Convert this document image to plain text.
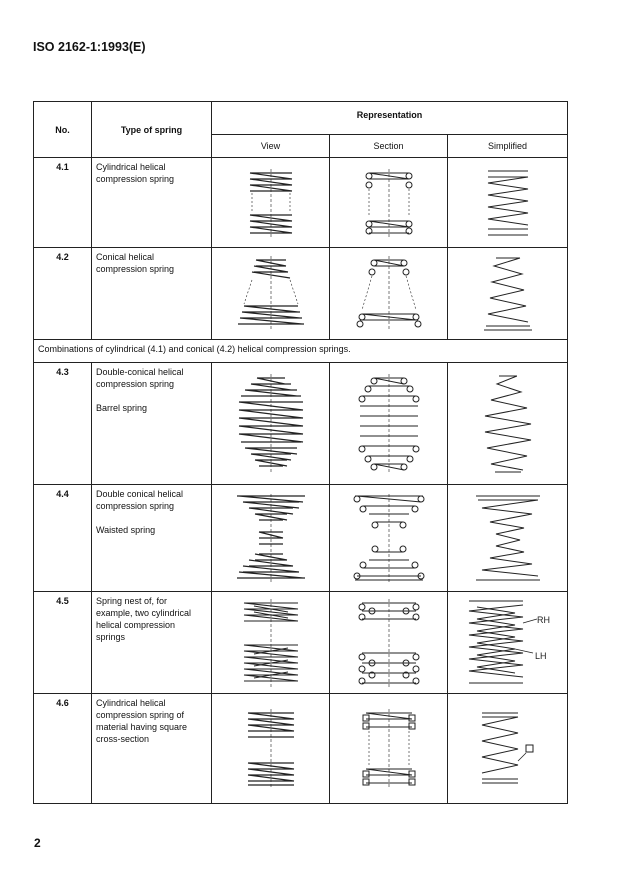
ISO 2162-1:1993(E)
No.	Type of spring	Representation		
		View	Section	Simplified
4.1	Cylindrical helical
compression spring

4.2	Conical helical
compression spring

Combinations of cylindrical (4.1) and conical (4.2) helical compression springs.				
4.3	Double-conical helical
compression spring

Barrel spring

4.4	Double conical helical
compression spring

Waisted spring

4.5	Spring nest of, for
example, two cylindrical
helical compression
springs			RH
LH

4.6	Cylindrical helical
compression spring of
material having square
cross-section

2
